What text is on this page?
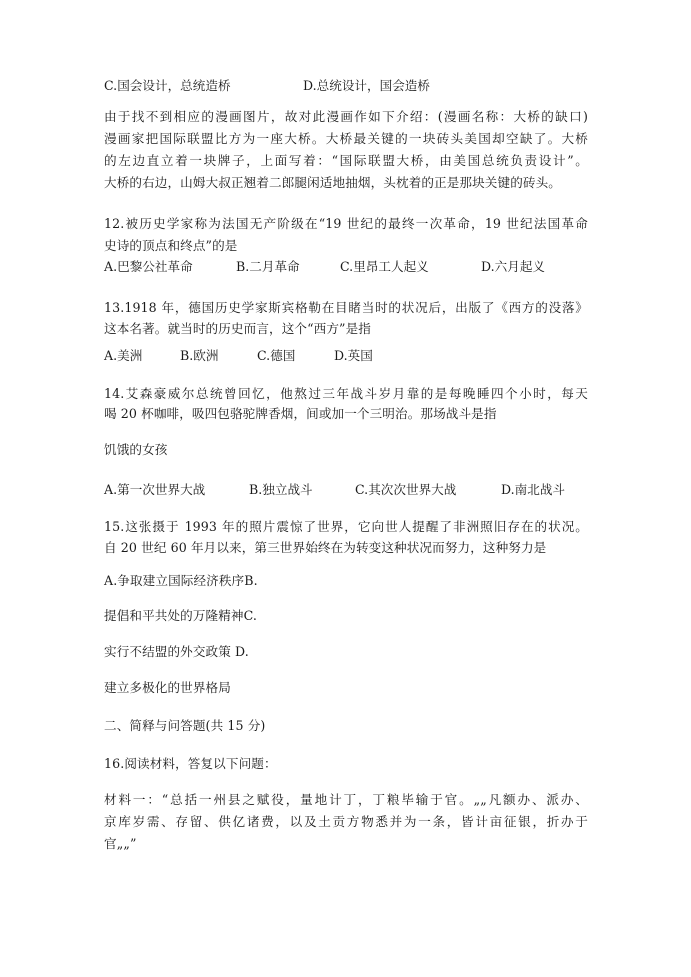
C.国会设计，总统造桥	D.总统设计，国会造桥
由于找不到相应的漫画图片，故对此漫画作如下介绍：(漫画名称：大桥的缺口)
漫画家把国际联盟比方为一座大桥。大桥最关键的一块砖头美国却空缺了。大桥
的左边直立着一块牌子，上面写着：“国际联盟大桥，由美国总统负责设计”。
大桥的右边，山姆大叔正翘着二郎腿闲适地抽烟，头枕着的正是那块关键的砖头。
12.被历史学家称为法国无产阶级在“19 世纪的最终一次革命，19 世纪法国革命
史诗的顶点和终点”的是
A.巴黎公社革命	B.二月革命	C.里昂工人起义	D.六月起义
13.1918 年，德国历史学家斯宾格勒在目睹当时的状况后，出版了《西方的没落》
这本名著。就当时的历史而言，这个“西方”是指
A.美洲	B.欧洲	C.德国	D.英国
14.艾森豪威尔总统曾回忆，他熬过三年战斗岁月靠的是每晚睡四个小时，每天
喝 20 杯咖啡，吸四包骆驼牌香烟，间或加一个三明治。那场战斗是指
饥饿的女孩
A.第一次世界大战	B.独立战斗	C.其次次世界大战	D.南北战斗
15.这张摄于 1993 年的照片震惊了世界，它向世人提醒了非洲照旧存在的状况。
自 20 世纪 60 年月以来，第三世界始终在为转变这种状况而努力，这种努力是
A.争取建立国际经济秩序B.
提倡和平共处的万隆精神C.
实行不结盟的外交政策 D.
建立多极化的世界格局
二、简释与问答题(共 15 分)
16.阅读材料，答复以下问题：
材料一：“总括一州县之赋役，量地计丁，丁粮毕输于官。„„凡额办、派办、
京库岁需、存留、供亿诸费，以及土贡方物悉并为一条，皆计亩征银，折办于
官„„”
